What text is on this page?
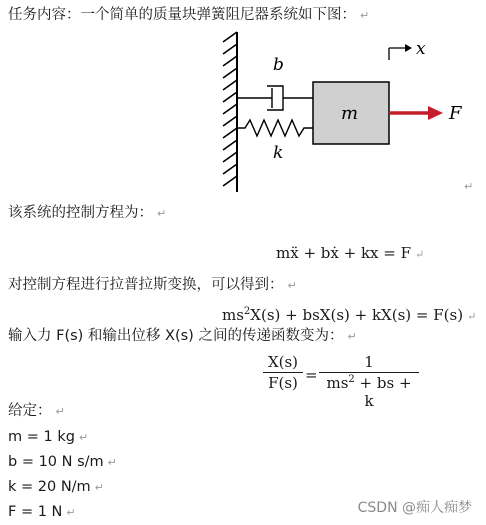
任务内容：一个简单的质量块弹簧阻尼器系统如下图： ↵
b
k
m
x
F
↵
该系统的控制方程为： ↵
mẍ + bẋ + kx = F ↵
对控制方程进行拉普拉斯变换，可以得到： ↵
$ms^2X(s) + bsX(s) + kX(s) = F(s)$ ↵
输入力 F(s) 和输出位移 X(s) 之间的传递函数变为： ↵
X(s)
F(s) =
1
$ms^2$ + bs + k
给定： ↵
m = 1 kg ↵
b = 10 N s/m ↵
k = 20 N/m ↵
F = 1 N ↵	CSDN @痴人痴梦
